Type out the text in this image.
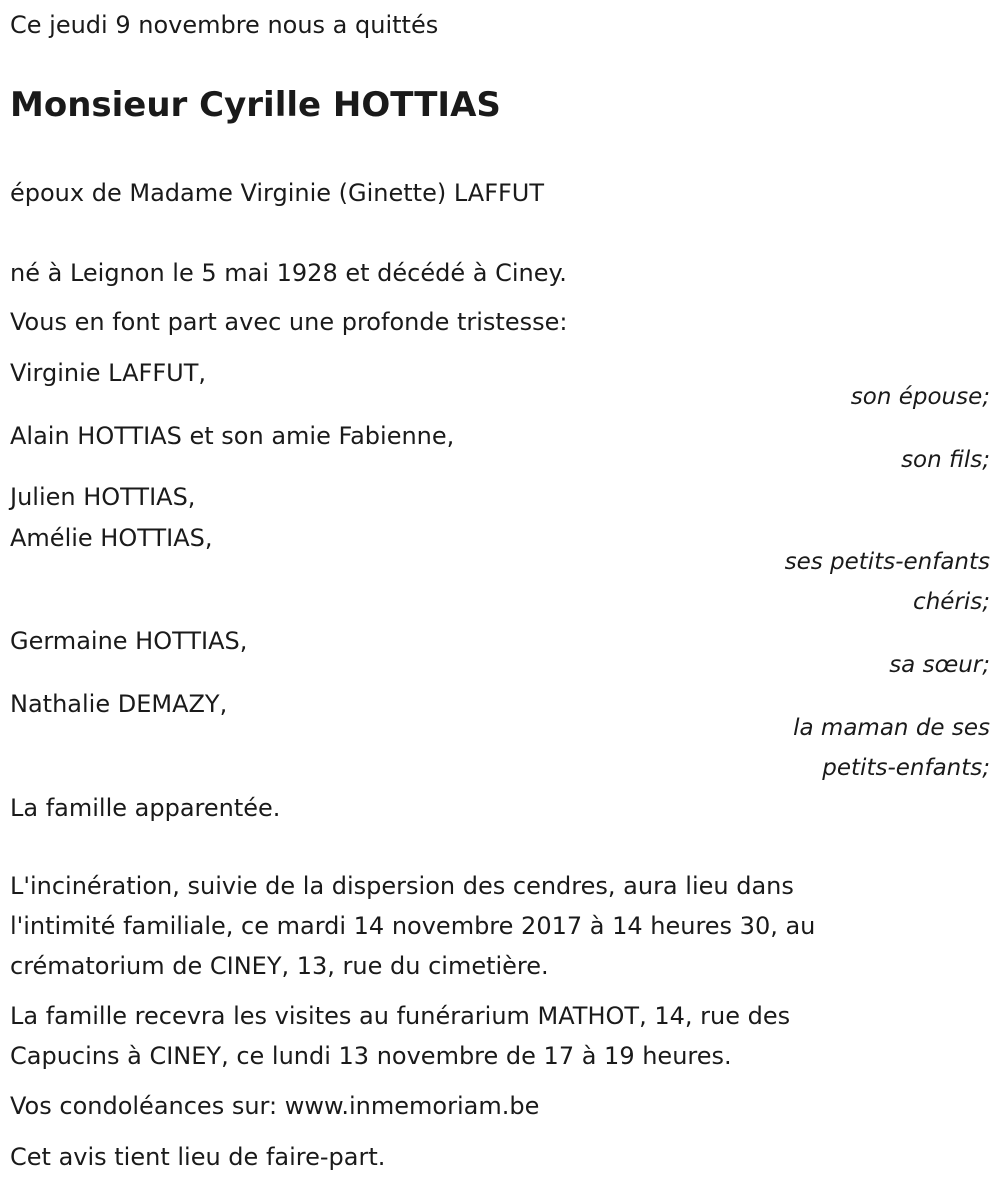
Ce jeudi 9 novembre nous a quittés
Monsieur Cyrille HOTTIAS
époux de Madame Virginie (Ginette) LAFFUT
né à Leignon le 5 mai 1928 et décédé à Ciney.
Vous en font part avec une profonde tristesse:
Virginie LAFFUT,
son épouse;
Alain HOTTIAS et son amie Fabienne,
son fils;
Julien HOTTIAS,
Amélie HOTTIAS,
ses petits-enfants
chéris;
Germaine HOTTIAS,
sa sœur;
Nathalie DEMAZY,
la maman de ses
petits-enfants;
La famille apparentée.
L'incinération, suivie de la dispersion des cendres, aura lieu dans
l'intimité familiale, ce mardi 14 novembre 2017 à 14 heures 30, au
crématorium de CINEY, 13, rue du cimetière.
La famille recevra les visites au funérarium MATHOT, 14, rue des
Capucins à CINEY, ce lundi 13 novembre de 17 à 19 heures.
Vos condoléances sur: www.inmemoriam.be
Cet avis tient lieu de faire-part.
